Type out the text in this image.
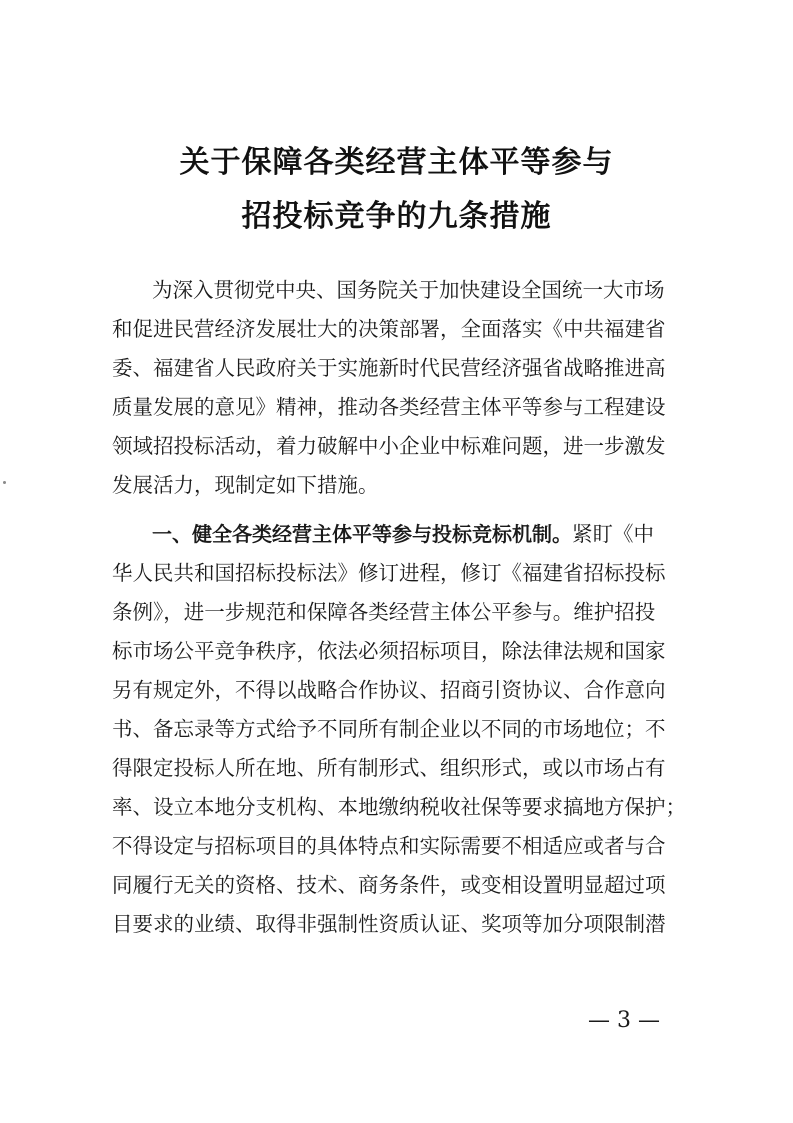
关于保障各类经营主体平等参与
招投标竞争的九条措施
为深入贯彻党中央、国务院关于加快建设全国统一大市场
和促进民营经济发展壮大的决策部署，全面落实《中共福建省
委、福建省人民政府关于实施新时代民营经济强省战略推进高
质量发展的意见》精神，推动各类经营主体平等参与工程建设
领域招投标活动，着力破解中小企业中标难问题，进一步激发
发展活力，现制定如下措施。
一、健全各类经营主体平等参与投标竞标机制。紧盯《中
华人民共和国招标投标法》修订进程，修订《福建省招标投标
条例》，进一步规范和保障各类经营主体公平参与。维护招投
标市场公平竞争秩序，依法必须招标项目，除法律法规和国家
另有规定外，不得以战略合作协议、招商引资协议、合作意向
书、备忘录等方式给予不同所有制企业以不同的市场地位；不
得限定投标人所在地、所有制形式、组织形式，或以市场占有
率、设立本地分支机构、本地缴纳税收社保等要求搞地方保护；
不得设定与招标项目的具体特点和实际需要不相适应或者与合
同履行无关的资格、技术、商务条件，或变相设置明显超过项
目要求的业绩、取得非强制性资质认证、奖项等加分项限制潜
— 3 —
